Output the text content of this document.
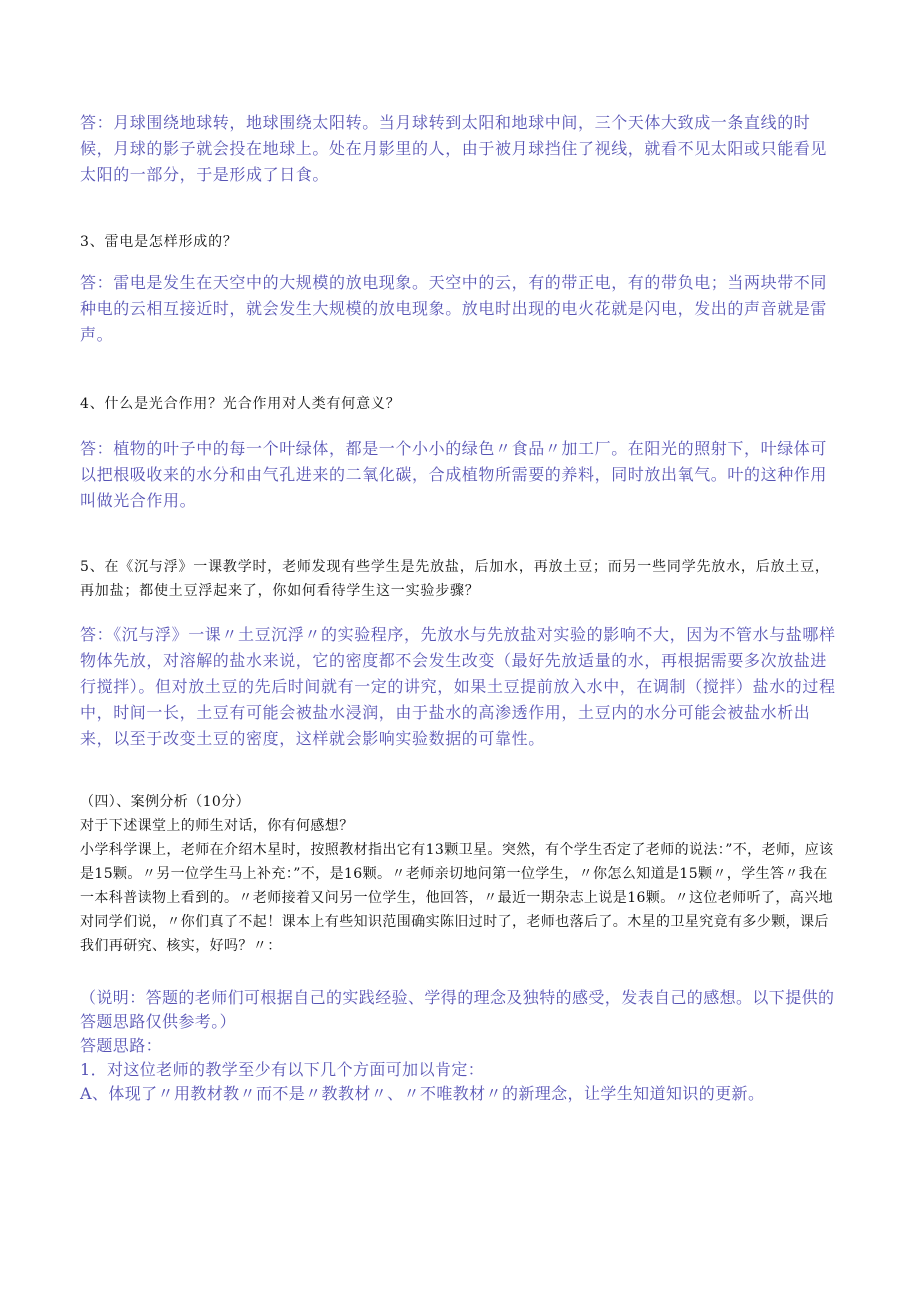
答：月球围绕地球转，地球围绕太阳转。当月球转到太阳和地球中间，三个天体大致成一条直线的时候，月球的影子就会投在地球上。处在月影里的人，由于被月球挡住了视线，就看不见太阳或只能看见太阳的一部分，于是形成了日食。

3、雷电是怎样形成的？

答：雷电是发生在天空中的大规模的放电现象。天空中的云，有的带正电，有的带负电；当两块带不同种电的云相互接近时，就会发生大规模的放电现象。放电时出现的电火花就是闪电，发出的声音就是雷声。

4、什么是光合作用？光合作用对人类有何意义？

答：植物的叶子中的每一个叶绿体，都是一个小小的绿色〃食品〃加工厂。在阳光的照射下，叶绿体可以把根吸收来的水分和由气孔进来的二氧化碳，合成植物所需要的养料，同时放出氧气。叶的这种作用叫做光合作用。

5、在《沉与浮》一课教学时，老师发现有些学生是先放盐，后加水，再放土豆；而另一些同学先放水，后放土豆，再加盐；都使土豆浮起来了，你如何看待学生这一实验步骤？

答：《沉与浮》一课〃土豆沉浮〃的实验程序，先放水与先放盐对实验的影响不大，因为不管水与盐哪样物体先放，对溶解的盐水来说，它的密度都不会发生改变（最好先放适量的水，再根据需要多次放盐进行搅拌）。但对放土豆的先后时间就有一定的讲究，如果土豆提前放入水中，在调制（搅拌）盐水的过程中，时间一长，土豆有可能会被盐水浸润，由于盐水的高渗透作用，土豆内的水分可能会被盐水析出来，以至于改变土豆的密度，这样就会影响实验数据的可靠性。

（四）、案例分析（10分）
对于下述课堂上的师生对话，你有何感想？
小学科学课上，老师在介绍木星时，按照教材指出它有13颗卫星。突然，有个学生否定了老师的说法：”不，老师，应该是15颗。〃另一位学生马上补充：”不，是16颗。〃老师亲切地问第一位学生，〃你怎么知道是15颗〃，学生答〃我在一本科普读物上看到的。〃老师接着又问另一位学生，他回答，〃最近一期杂志上说是16颗。〃这位老师听了，高兴地对同学们说，〃你们真了不起！课本上有些知识范围确实陈旧过时了，老师也落后了。木星的卫星究竟有多少颗，课后我们再研究、核实，好吗？〃：

（说明：答题的老师们可根据自己的实践经验、学得的理念及独特的感受，发表自己的感想。以下提供的答题思路仅供参考。）

答题思路：
1．对这位老师的教学至少有以下几个方面可加以肯定：
A、体现了〃用教材教〃而不是〃教教材〃、〃不唯教材〃的新理念，让学生知道知识的更新。
